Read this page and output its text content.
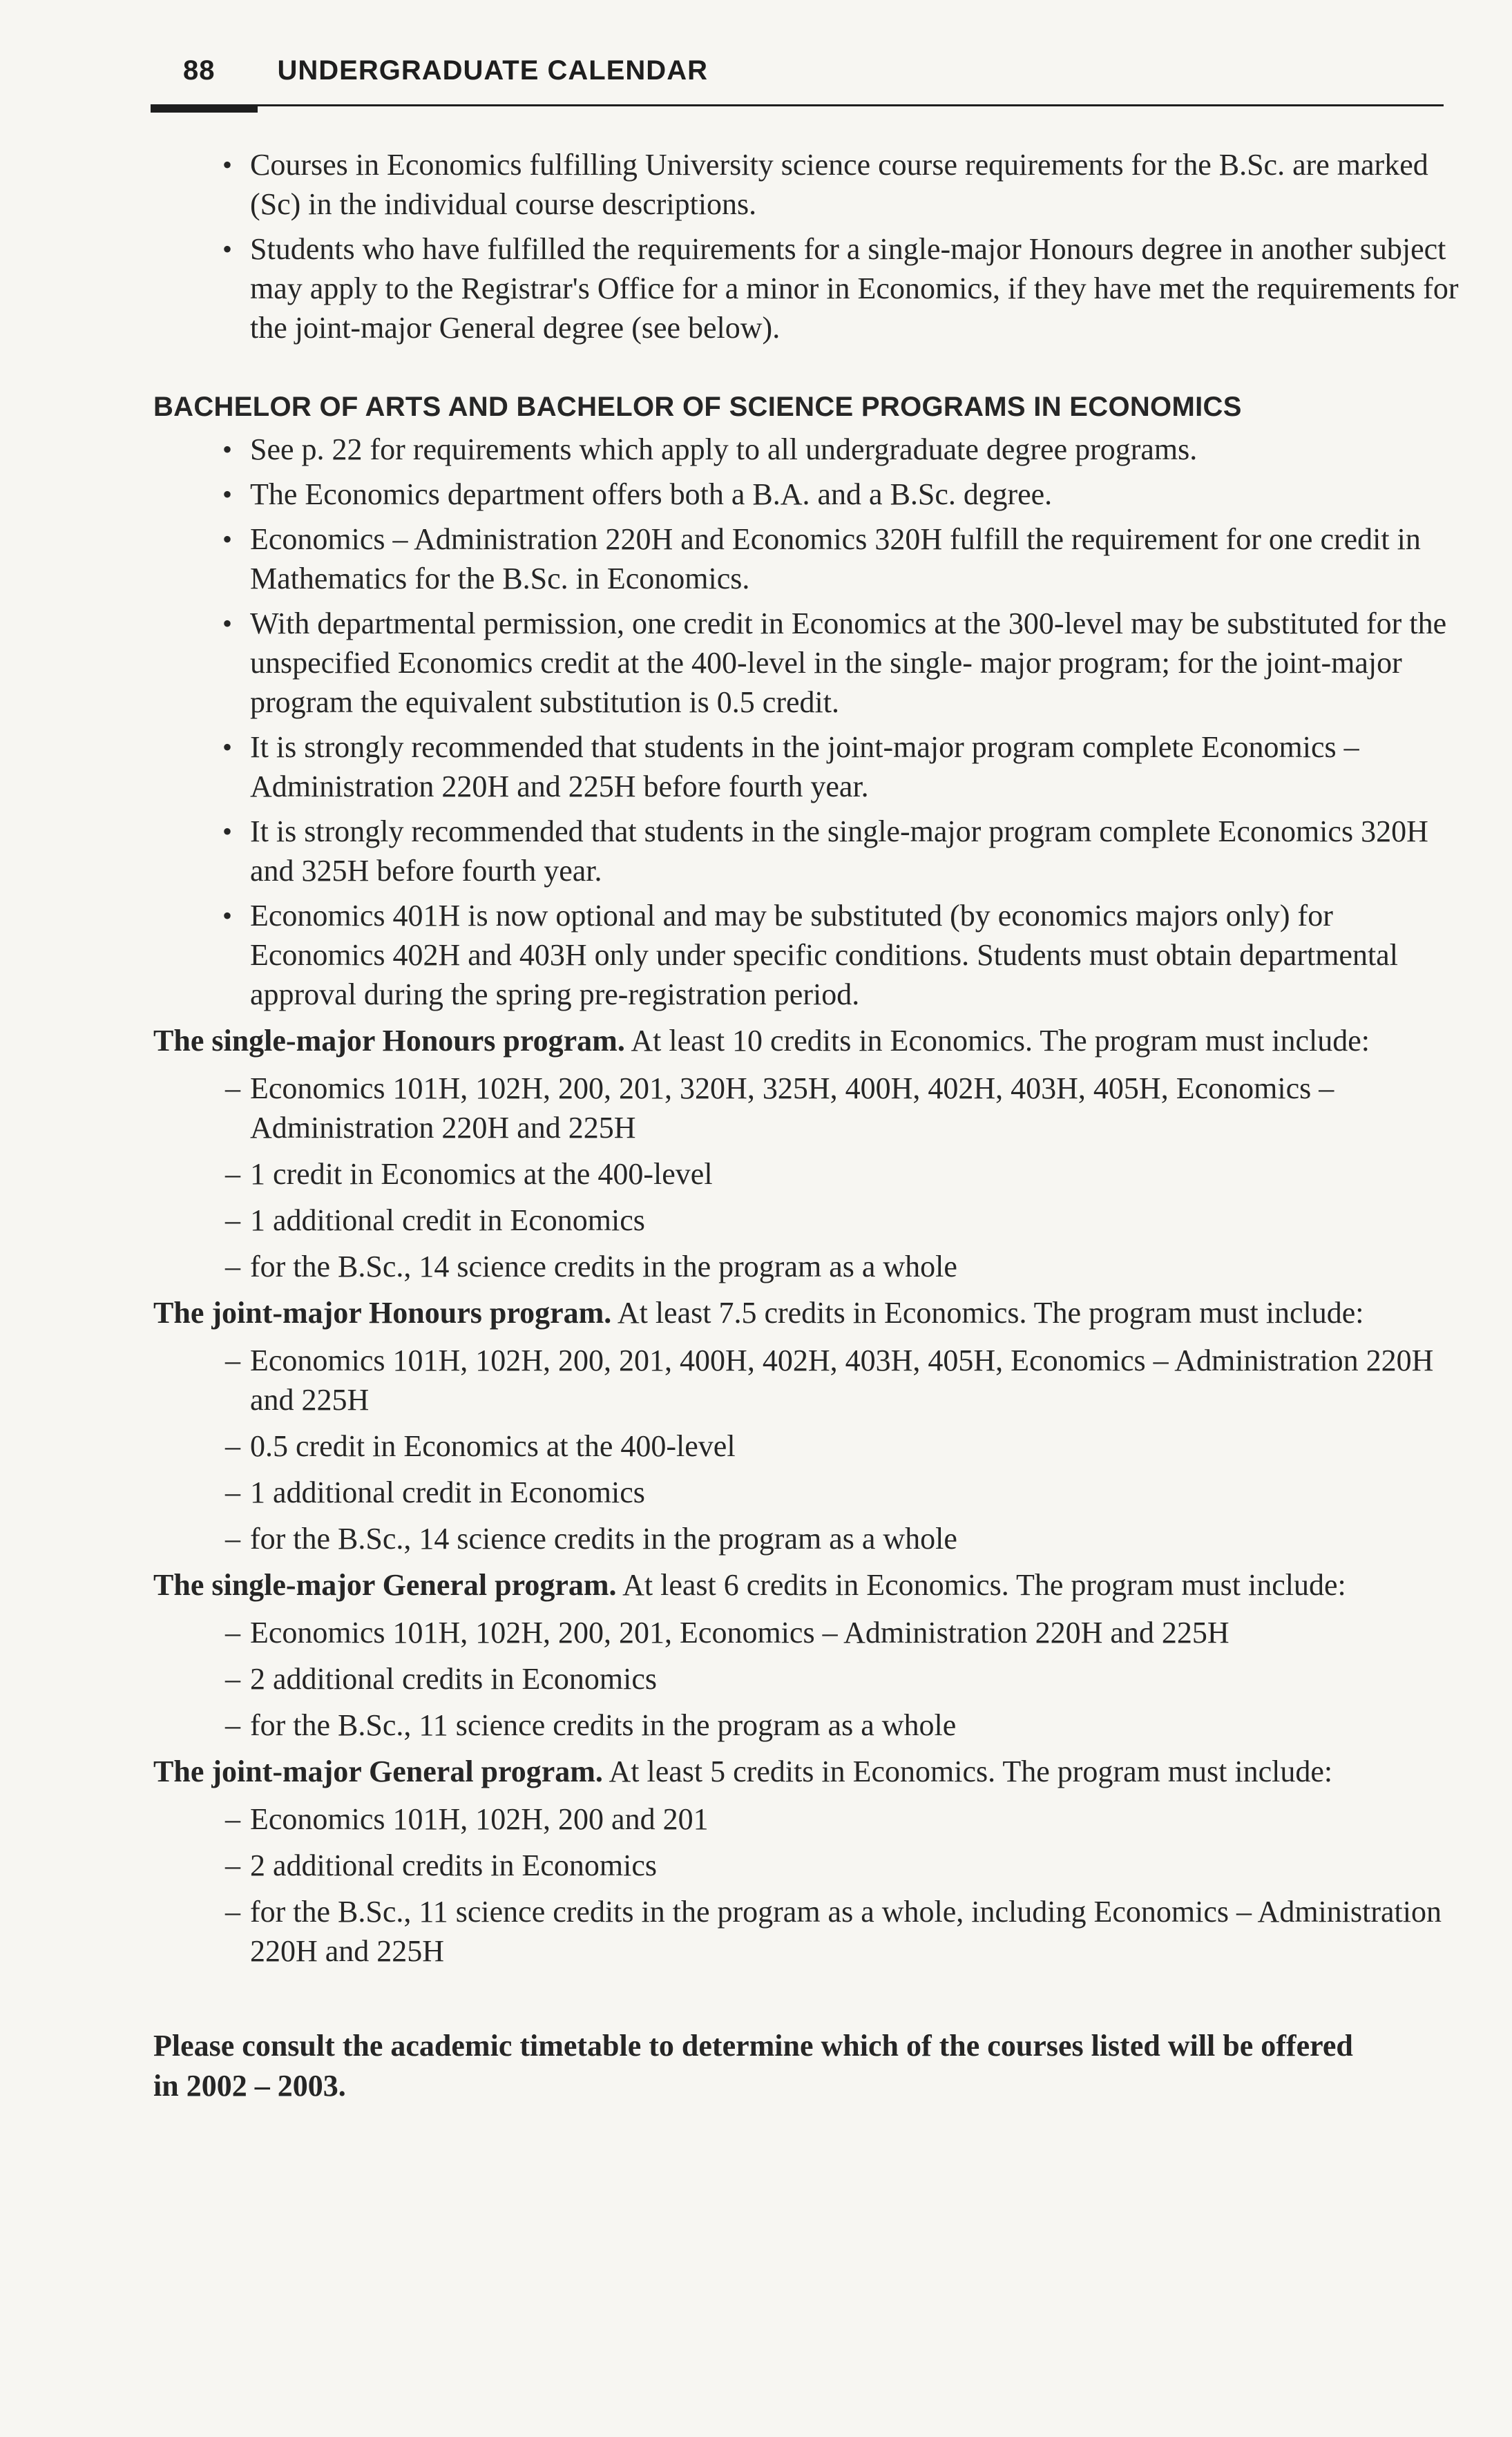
88 UNDERGRADUATE CALENDAR
• Courses in Economics fulfilling University science course requirements for the B.Sc. are marked (Sc) in the individual course descriptions.
• Students who have fulfilled the requirements for a single-major Honours degree in another subject may apply to the Registrar's Office for a minor in Economics, if they have met the requirements for the joint-major General degree (see below).
BACHELOR OF ARTS AND BACHELOR OF SCIENCE PROGRAMS IN ECONOMICS
• See p. 22 for requirements which apply to all undergraduate degree programs.
• The Economics department offers both a B.A. and a B.Sc. degree.
• Economics – Administration 220H and Economics 320H fulfill the requirement for one credit in Mathematics for the B.Sc. in Economics.
• With departmental permission, one credit in Economics at the 300-level may be substituted for the unspecified Economics credit at the 400-level in the single- major program; for the joint-major program the equivalent substitution is 0.5 credit.
• It is strongly recommended that students in the joint-major program complete Economics – Administration 220H and 225H before fourth year.
• It is strongly recommended that students in the single-major program complete Economics 320H and 325H before fourth year.
• Economics 401H is now optional and may be substituted (by economics majors only) for Economics 402H and 403H only under specific conditions. Students must obtain departmental approval during the spring pre-registration period.
The single-major Honours program. At least 10 credits in Economics. The program must include:
– Economics 101H, 102H, 200, 201, 320H, 325H, 400H, 402H, 403H, 405H, Economics – Administration 220H and 225H
– 1 credit in Economics at the 400-level
– 1 additional credit in Economics
– for the B.Sc., 14 science credits in the program as a whole
The joint-major Honours program. At least 7.5 credits in Economics. The program must include:
– Economics 101H, 102H, 200, 201, 400H, 402H, 403H, 405H, Economics – Administration 220H and 225H
– 0.5 credit in Economics at the 400-level
– 1 additional credit in Economics
– for the B.Sc., 14 science credits in the program as a whole
The single-major General program. At least 6 credits in Economics. The program must include:
– Economics 101H, 102H, 200, 201, Economics – Administration 220H and 225H
– 2 additional credits in Economics
– for the B.Sc., 11 science credits in the program as a whole
The joint-major General program. At least 5 credits in Economics. The program must include:
– Economics 101H, 102H, 200 and 201
– 2 additional credits in Economics
– for the B.Sc., 11 science credits in the program as a whole, including Economics – Administration 220H and 225H
Please consult the academic timetable to determine which of the courses listed will be offered in 2002 – 2003.
